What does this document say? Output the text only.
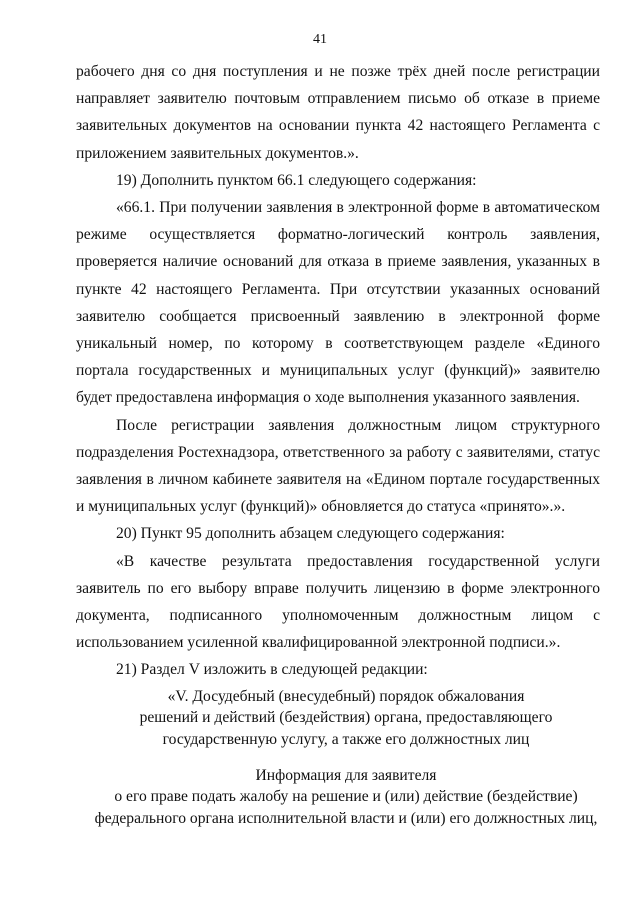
41

рабочего дня со дня поступления и не позже трёх дней после регистрации направляет заявителю почтовым отправлением письмо об отказе в приеме заявительных документов на основании пункта 42 настоящего Регламента с приложением заявительных документов.».

19) Дополнить пунктом 66.1 следующего содержания:

«66.1. При получении заявления в электронной форме в автоматическом режиме осуществляется форматно-логический контроль заявления, проверяется наличие оснований для отказа в приеме заявления, указанных в пункте 42 настоящего Регламента. При отсутствии указанных оснований заявителю сообщается присвоенный заявлению в электронной форме уникальный номер, по которому в соответствующем разделе «Единого портала государственных и муниципальных услуг (функций)» заявителю будет предоставлена информация о ходе выполнения указанного заявления.

После регистрации заявления должностным лицом структурного подразделения Ростехнадзора, ответственного за работу с заявителями, статус заявления в личном кабинете заявителя на «Едином портале государственных и муниципальных услуг (функций)» обновляется до статуса «принято».».

20) Пункт 95 дополнить абзацем следующего содержания:

«В качестве результата предоставления государственной услуги заявитель по его выбору вправе получить лицензию в форме электронного документа, подписанного уполномоченным должностным лицом с использованием усиленной квалифицированной электронной подписи.».

21) Раздел V изложить в следующей редакции:

«V. Досудебный (внесудебный) порядок обжалования

решений и действий (бездействия) органа, предоставляющего

государственную услугу, а также его должностных лиц

Информация для заявителя

о его праве подать жалобу на решение и (или) действие (бездействие)

федерального органа исполнительной власти и (или) его должностных лиц,
